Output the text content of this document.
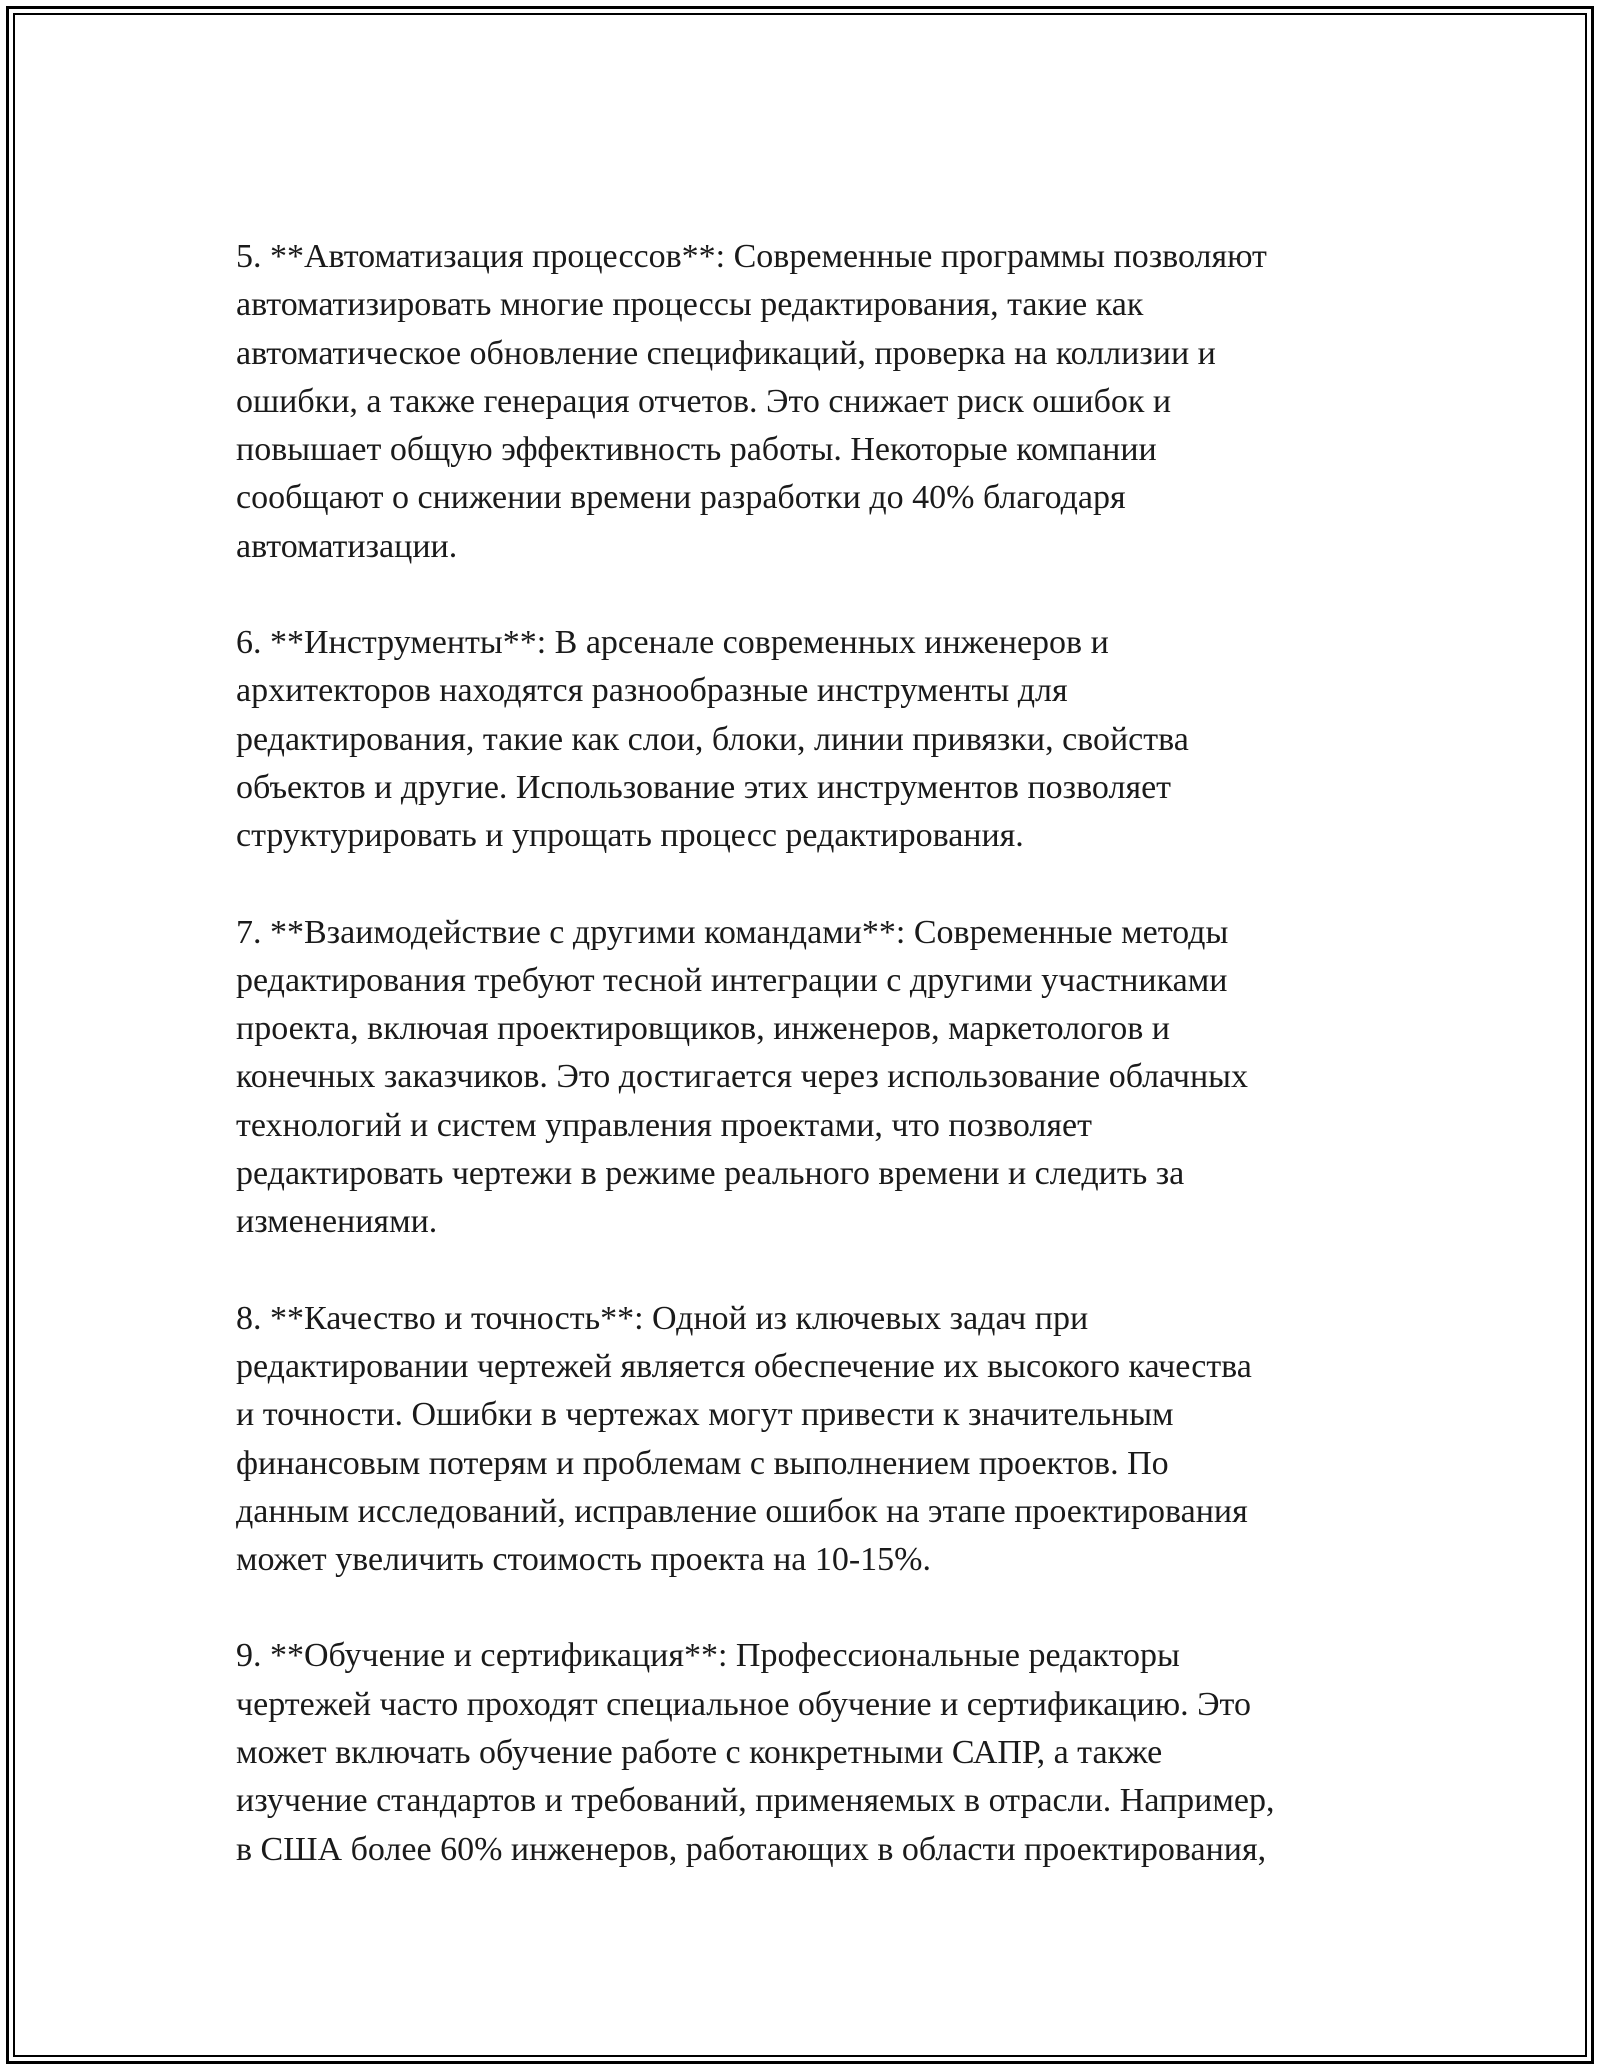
5. **Автоматизация процессов**: Современные программы позволяют
автоматизировать многие процессы редактирования, такие как
автоматическое обновление спецификаций, проверка на коллизии и
ошибки, а также генерация отчетов. Это снижает риск ошибок и
повышает общую эффективность работы. Некоторые компании
сообщают о снижении времени разработки до 40% благодаря
автоматизации.
6. **Инструменты**: В арсенале современных инженеров и
архитекторов находятся разнообразные инструменты для
редактирования, такие как слои, блоки, линии привязки, свойства
объектов и другие. Использование этих инструментов позволяет
структурировать и упрощать процесс редактирования.
7. **Взаимодействие с другими командами**: Современные методы
редактирования требуют тесной интеграции с другими участниками
проекта, включая проектировщиков, инженеров, маркетологов и
конечных заказчиков. Это достигается через использование облачных
технологий и систем управления проектами, что позволяет
редактировать чертежи в режиме реального времени и следить за
изменениями.
8. **Качество и точность**: Одной из ключевых задач при
редактировании чертежей является обеспечение их высокого качества
и точности. Ошибки в чертежах могут привести к значительным
финансовым потерям и проблемам с выполнением проектов. По
данным исследований, исправление ошибок на этапе проектирования
может увеличить стоимость проекта на 10-15%.
9. **Обучение и сертификация**: Профессиональные редакторы
чертежей часто проходят специальное обучение и сертификацию. Это
может включать обучение работе с конкретными САПР, а также
изучение стандартов и требований, применяемых в отрасли. Например,
в США более 60% инженеров, работающих в области проектирования,
